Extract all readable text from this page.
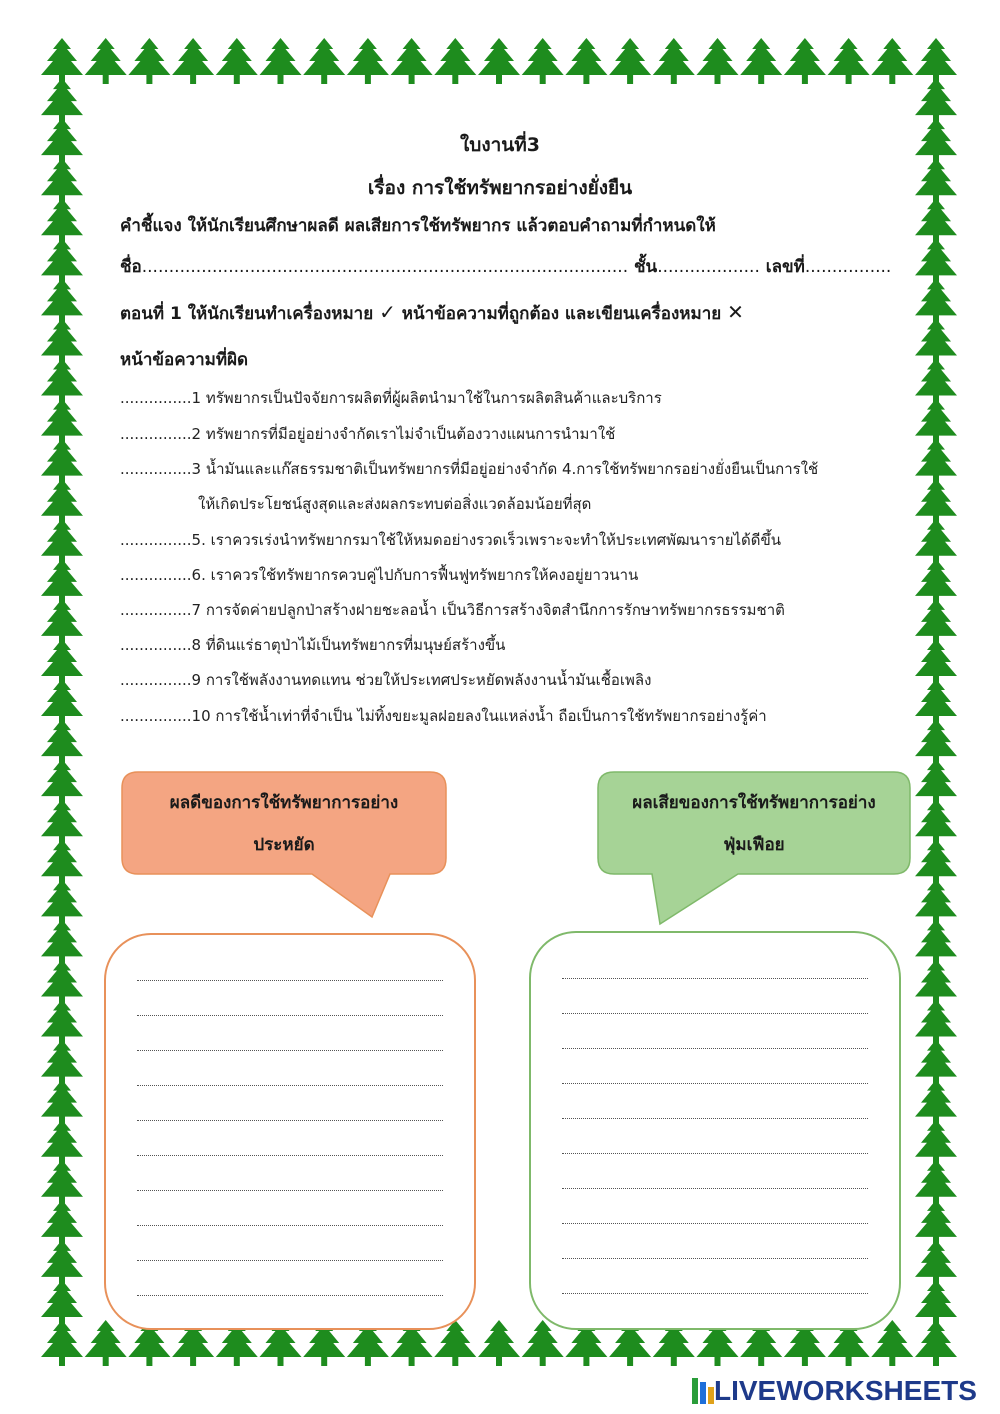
ใบงานที่3
เรื่อง การใช้ทรัพยากรอย่างยั่งยืน
คำชี้แจง ให้นักเรียนศึกษาผลดี ผลเสียการใช้ทรัพยากร แล้วตอบคำถามที่กำหนดให้
ชื่อ.......................................................................................... ชั้น................... เลขที่................
ตอนที่ 1 ให้นักเรียนทำเครื่องหมาย ✓ หน้าข้อความที่ถูกต้อง และเขียนเครื่องหมาย ✕
หน้าข้อความที่ผิด
...............1 ทรัพยากรเป็นปัจจัยการผลิตที่ผู้ผลิตนำมาใช้ในการผลิตสินค้าและบริการ
...............2 ทรัพยากรที่มีอยู่อย่างจำกัดเราไม่จำเป็นต้องวางแผนการนำมาใช้
...............3 น้ำมันและแก๊สธรรมชาติเป็นทรัพยากรที่มีอยู่อย่างจำกัด 4.การใช้ทรัพยากรอย่างยั่งยืนเป็นการใช้
ให้เกิดประโยชน์สูงสุดและส่งผลกระทบต่อสิ่งแวดล้อมน้อยที่สุด
...............5. เราควรเร่งนำทรัพยากรมาใช้ให้หมดอย่างรวดเร็วเพราะจะทำให้ประเทศพัฒนารายได้ดีขึ้น
...............6. เราควรใช้ทรัพยากรควบคู่ไปกับการฟื้นฟูทรัพยากรให้คงอยู่ยาวนาน
...............7 การจัดค่ายปลูกป่าสร้างฝายชะลอน้ำ เป็นวิธีการสร้างจิตสำนึกการรักษาทรัพยากรธรรมชาติ
...............8 ที่ดินแร่ธาตุป่าไม้เป็นทรัพยากรที่มนุษย์สร้างขึ้น
...............9 การใช้พลังงานทดแทน ช่วยให้ประเทศประหยัดพลังงานน้ำมันเชื้อเพลิง
...............10 การใช้น้ำเท่าที่จำเป็น ไม่ทิ้งขยะมูลฝอยลงในแหล่งน้ำ ถือเป็นการใช้ทรัพยากรอย่างรู้ค่า
ผลดีของการใช้ทรัพยาการอย่าง
ประหยัด
ผลเสียของการใช้ทรัพยาการอย่าง
ฟุ่มเฟือย
LIVEWORKSHEETS
